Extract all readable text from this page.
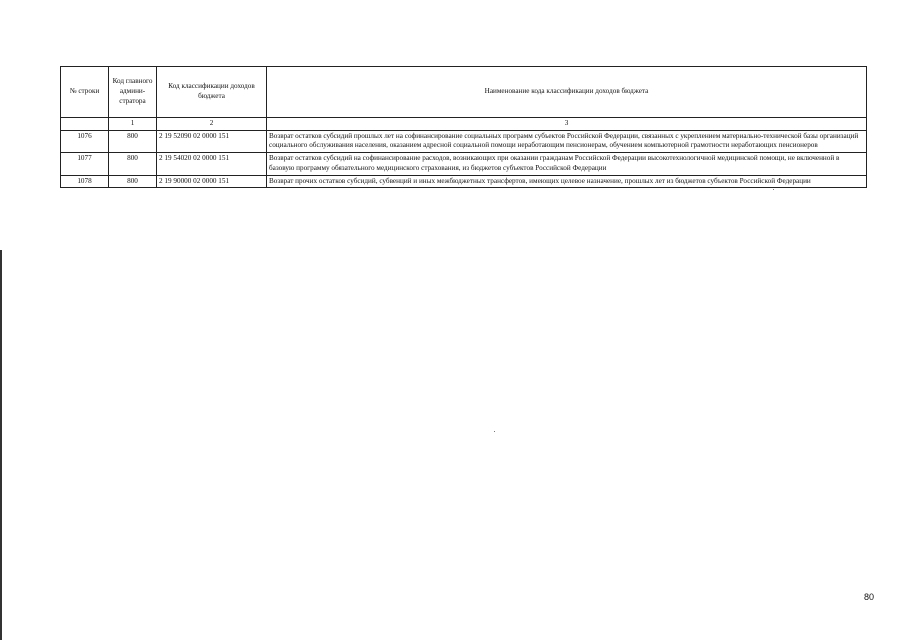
№ строки	Код главного админи-стратора	Код классификации доходов бюджета	Наименование кода классификации доходов бюджета
	1	2	3
1076	800	2 19 52090 02 0000 151	Возврат остатков субсидий прошлых лет на софинансирование социальных программ субъектов Российской Федерации, связанных с укреплением материально-технической базы организаций социального обслуживания населения, оказанием адресной социальной помощи неработающим пенсионерам, обучением компьютерной грамотности неработающих пенсионеров
1077	800	2 19 54020 02 0000 151	Возврат остатков субсидий на софинансирование расходов, возникающих при оказании гражданам Российской Федерации высокотехнологичной медицинской помощи, не включенной в базовую программу обязательного медицинского страхования, из бюджетов субъектов Российской Федерации
1078	800	2 19 90000 02 0000 151	Возврат прочих остатков субсидий, субвенций и иных межбюджетных трансфертов, имеющих целевое назначение, прошлых лет из бюджетов субъектов Российской Федерации
80
